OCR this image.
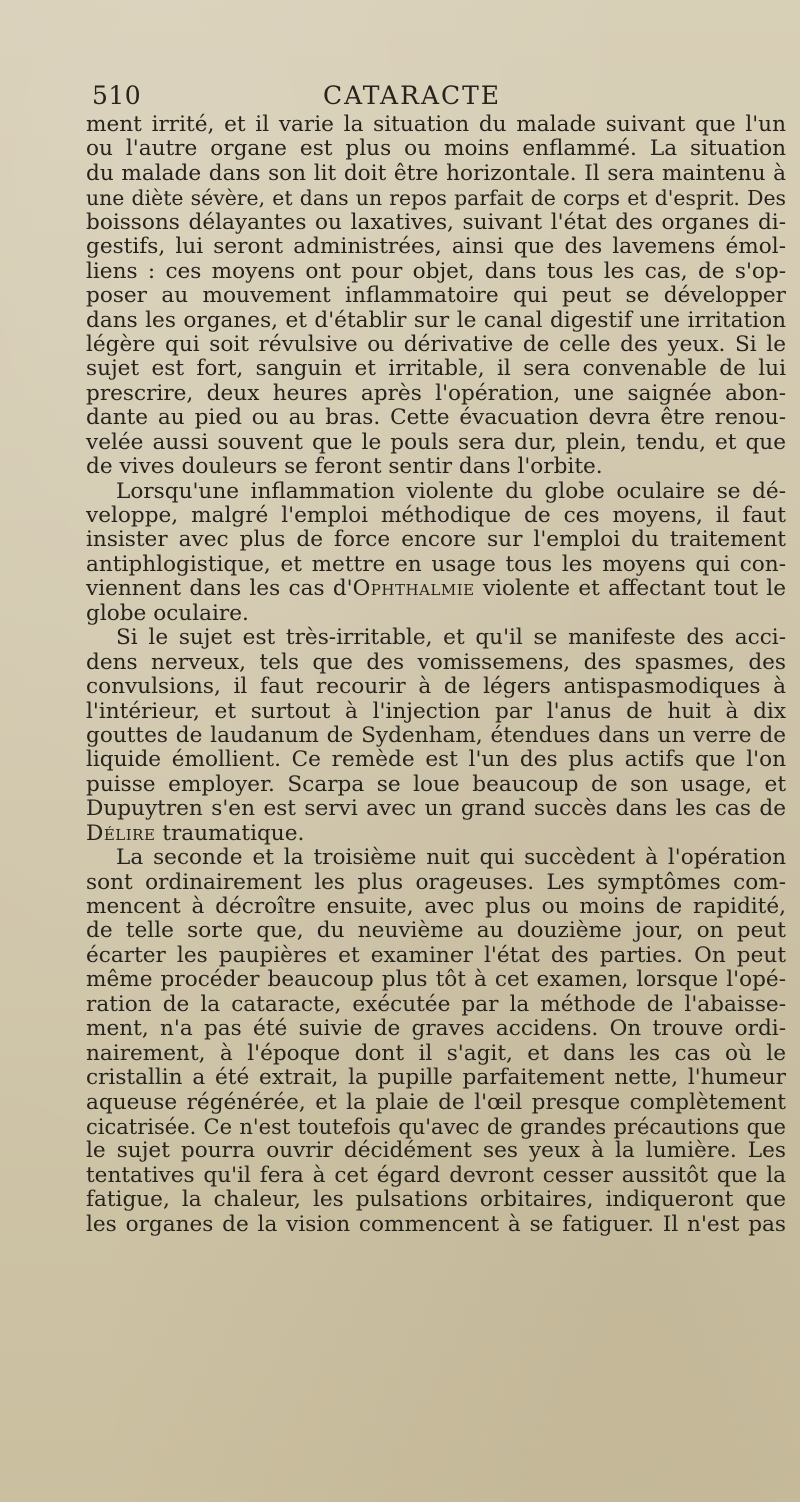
510	CATARACTE
ment irrité, et il varie la situation du malade suivant que l'un
ou l'autre organe est plus ou moins enflammé. La situation
du malade dans son lit doit être horizontale. Il sera maintenu à
une diète sévère, et dans un repos parfait de corps et d'esprit. Des
boissons délayantes ou laxatives, suivant l'état des organes di-
gestifs, lui seront administrées, ainsi que des lavemens émol-
liens : ces moyens ont pour objet, dans tous les cas, de s'op-
poser au mouvement inflammatoire qui peut se développer
dans les organes, et d'établir sur le canal digestif une irritation
légère qui soit révulsive ou dérivative de celle des yeux. Si le
sujet est fort, sanguin et irritable, il sera convenable de lui
prescrire, deux heures après l'opération, une saignée abon-
dante au pied ou au bras. Cette évacuation devra être renou-
velée aussi souvent que le pouls sera dur, plein, tendu, et que
de vives douleurs se feront sentir dans l'orbite.
Lorsqu'une inflammation violente du globe oculaire se dé-
veloppe, malgré l'emploi méthodique de ces moyens, il faut
insister avec plus de force encore sur l'emploi du traitement
antiphlogistique, et mettre en usage tous les moyens qui con-
viennent dans les cas d'Ophthalmie violente et affectant tout le
globe oculaire.
Si le sujet est très-irritable, et qu'il se manifeste des acci-
dens nerveux, tels que des vomissemens, des spasmes, des
convulsions, il faut recourir à de légers antispasmodiques à
l'intérieur, et surtout à l'injection par l'anus de huit à dix
gouttes de laudanum de Sydenham, étendues dans un verre de
liquide émollient. Ce remède est l'un des plus actifs que l'on
puisse employer. Scarpa se loue beaucoup de son usage, et
Dupuytren s'en est servi avec un grand succès dans les cas de
Délire traumatique.
La seconde et la troisième nuit qui succèdent à l'opération
sont ordinairement les plus orageuses. Les symptômes com-
mencent à décroître ensuite, avec plus ou moins de rapidité,
de telle sorte que, du neuvième au douzième jour, on peut
écarter les paupières et examiner l'état des parties. On peut
même procéder beaucoup plus tôt à cet examen, lorsque l'opé-
ration de la cataracte, exécutée par la méthode de l'abaisse-
ment, n'a pas été suivie de graves accidens. On trouve ordi-
nairement, à l'époque dont il s'agit, et dans les cas où le
cristallin a été extrait, la pupille parfaitement nette, l'humeur
aqueuse régénérée, et la plaie de l'œil presque complètement
cicatrisée. Ce n'est toutefois qu'avec de grandes précautions que
le sujet pourra ouvrir décidément ses yeux à la lumière. Les
tentatives qu'il fera à cet égard devront cesser aussitôt que la
fatigue, la chaleur, les pulsations orbitaires, indiqueront que
les organes de la vision commencent à se fatiguer. Il n'est pas
